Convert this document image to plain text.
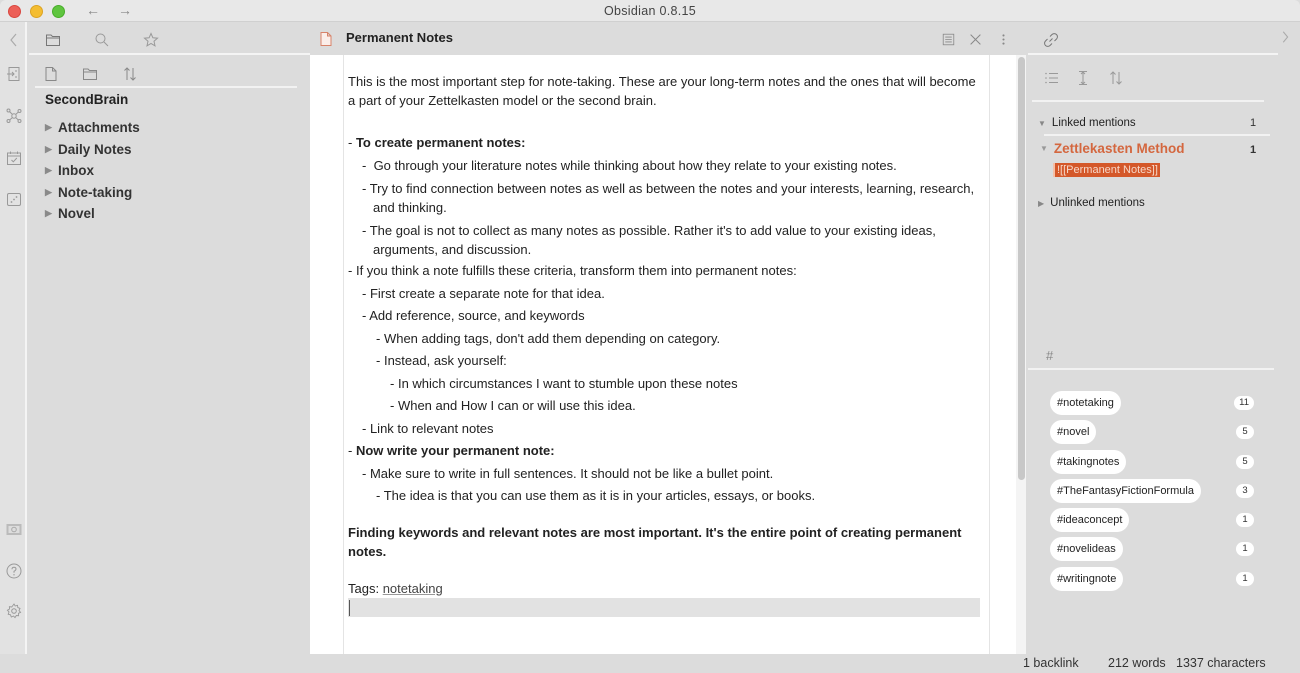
← →	Obsidian 0.8.15
SecondBrain
▶ Attachments
▶ Daily Notes
▶ Inbox
▶ Note-taking
▶ Novel
Permanent Notes

This is the most important step for note-taking. These are your long-term notes and the ones that will become a part of your Zettelkasten model or the second brain.

- To create permanent notes:
-  Go through your literature notes while thinking about how they relate to your existing notes.
- Try to find connection between notes as well as between the notes and your interests, learning, research, and thinking.
- The goal is not to collect as many notes as possible. Rather it's to add value to your existing ideas, arguments, and discussion.
- If you think a note fulfills these criteria, transform them into permanent notes:
- First create a separate note for that idea.
- Add reference, source, and keywords
- When adding tags, don't add them depending on category.
- Instead, ask yourself:
- In which circumstances I want to stumble upon these notes
- When and How I can or will use this idea.
- Link to relevant notes
- Now write your permanent note:
- Make sure to write in full sentences. It should not be like a bullet point.
- The idea is that you can use them as it is in your articles, essays, or books.

Finding keywords and relevant notes are most important. It's the entire point of creating permanent notes.

Tags: notetaking

▼ Linked mentions	1
▼ Zettlekasten Method	1
![[Permanent Notes]]
▶ Unlinked mentions
#
#notetaking	11
#novel	5
#takingnotes	5
#TheFantasyFictionFormula	3
#ideaconcept	1
#novelideas	1
#writingnote	1
1 backlink 212 words 1337 characters
